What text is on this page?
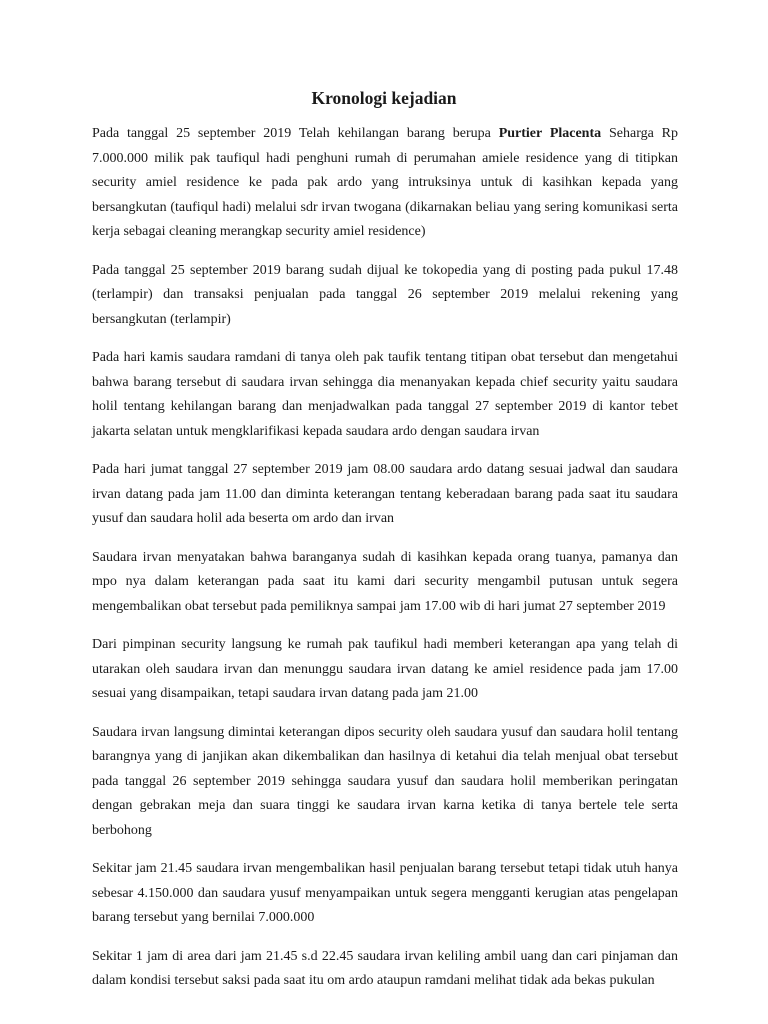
Kronologi kejadian

Pada tanggal 25 september 2019 Telah kehilangan barang berupa Purtier Placenta Seharga Rp 7.000.000 milik pak taufiqul hadi penghuni rumah di perumahan amiele residence yang di titipkan security amiel residence ke pada pak ardo yang intruksinya untuk di kasihkan kepada yang bersangkutan (taufiqul hadi) melalui sdr irvan twogana (dikarnakan beliau yang sering komunikasi serta kerja sebagai cleaning merangkap security amiel residence)

Pada tanggal 25 september 2019 barang sudah dijual ke tokopedia yang di posting pada pukul 17.48 (terlampir) dan transaksi penjualan pada tanggal 26 september 2019 melalui rekening yang bersangkutan (terlampir)

Pada hari kamis saudara ramdani di tanya oleh pak taufik tentang titipan obat tersebut dan mengetahui bahwa barang tersebut di saudara irvan sehingga dia menanyakan kepada chief security yaitu saudara holil tentang kehilangan barang dan menjadwalkan pada tanggal 27 september 2019 di kantor tebet jakarta selatan untuk mengklarifikasi kepada saudara ardo dengan saudara irvan

Pada hari jumat tanggal 27 september 2019 jam 08.00 saudara ardo datang sesuai jadwal dan saudara irvan datang pada jam 11.00 dan diminta keterangan tentang keberadaan barang pada saat itu saudara yusuf dan saudara holil ada beserta om ardo dan irvan

Saudara irvan menyatakan bahwa baranganya sudah di kasihkan kepada orang tuanya, pamanya dan mpo nya dalam keterangan pada saat itu kami dari security mengambil putusan untuk segera mengembalikan obat tersebut pada pemiliknya sampai jam 17.00 wib di hari jumat 27 september 2019

Dari pimpinan security langsung ke rumah pak taufikul hadi memberi keterangan apa yang telah di utarakan oleh saudara irvan dan menunggu saudara irvan datang ke amiel residence pada jam 17.00 sesuai yang disampaikan, tetapi saudara irvan datang pada jam 21.00

Saudara irvan langsung dimintai keterangan dipos security oleh saudara yusuf dan saudara holil tentang barangnya yang di janjikan akan dikembalikan dan hasilnya di ketahui dia telah menjual obat tersebut pada tanggal 26 september 2019 sehingga saudara yusuf dan saudara holil memberikan peringatan dengan gebrakan meja dan suara tinggi ke saudara irvan karna ketika di tanya bertele tele serta berbohong

Sekitar jam 21.45 saudara irvan mengembalikan hasil penjualan barang tersebut tetapi tidak utuh hanya sebesar 4.150.000 dan saudara yusuf menyampaikan untuk segera mengganti kerugian atas pengelapan barang tersebut yang bernilai 7.000.000

Sekitar 1 jam di area dari jam 21.45 s.d 22.45 saudara irvan keliling ambil uang dan cari pinjaman dan dalam kondisi tersebut saksi pada saat itu om ardo ataupun ramdani melihat tidak ada bekas pukulan
